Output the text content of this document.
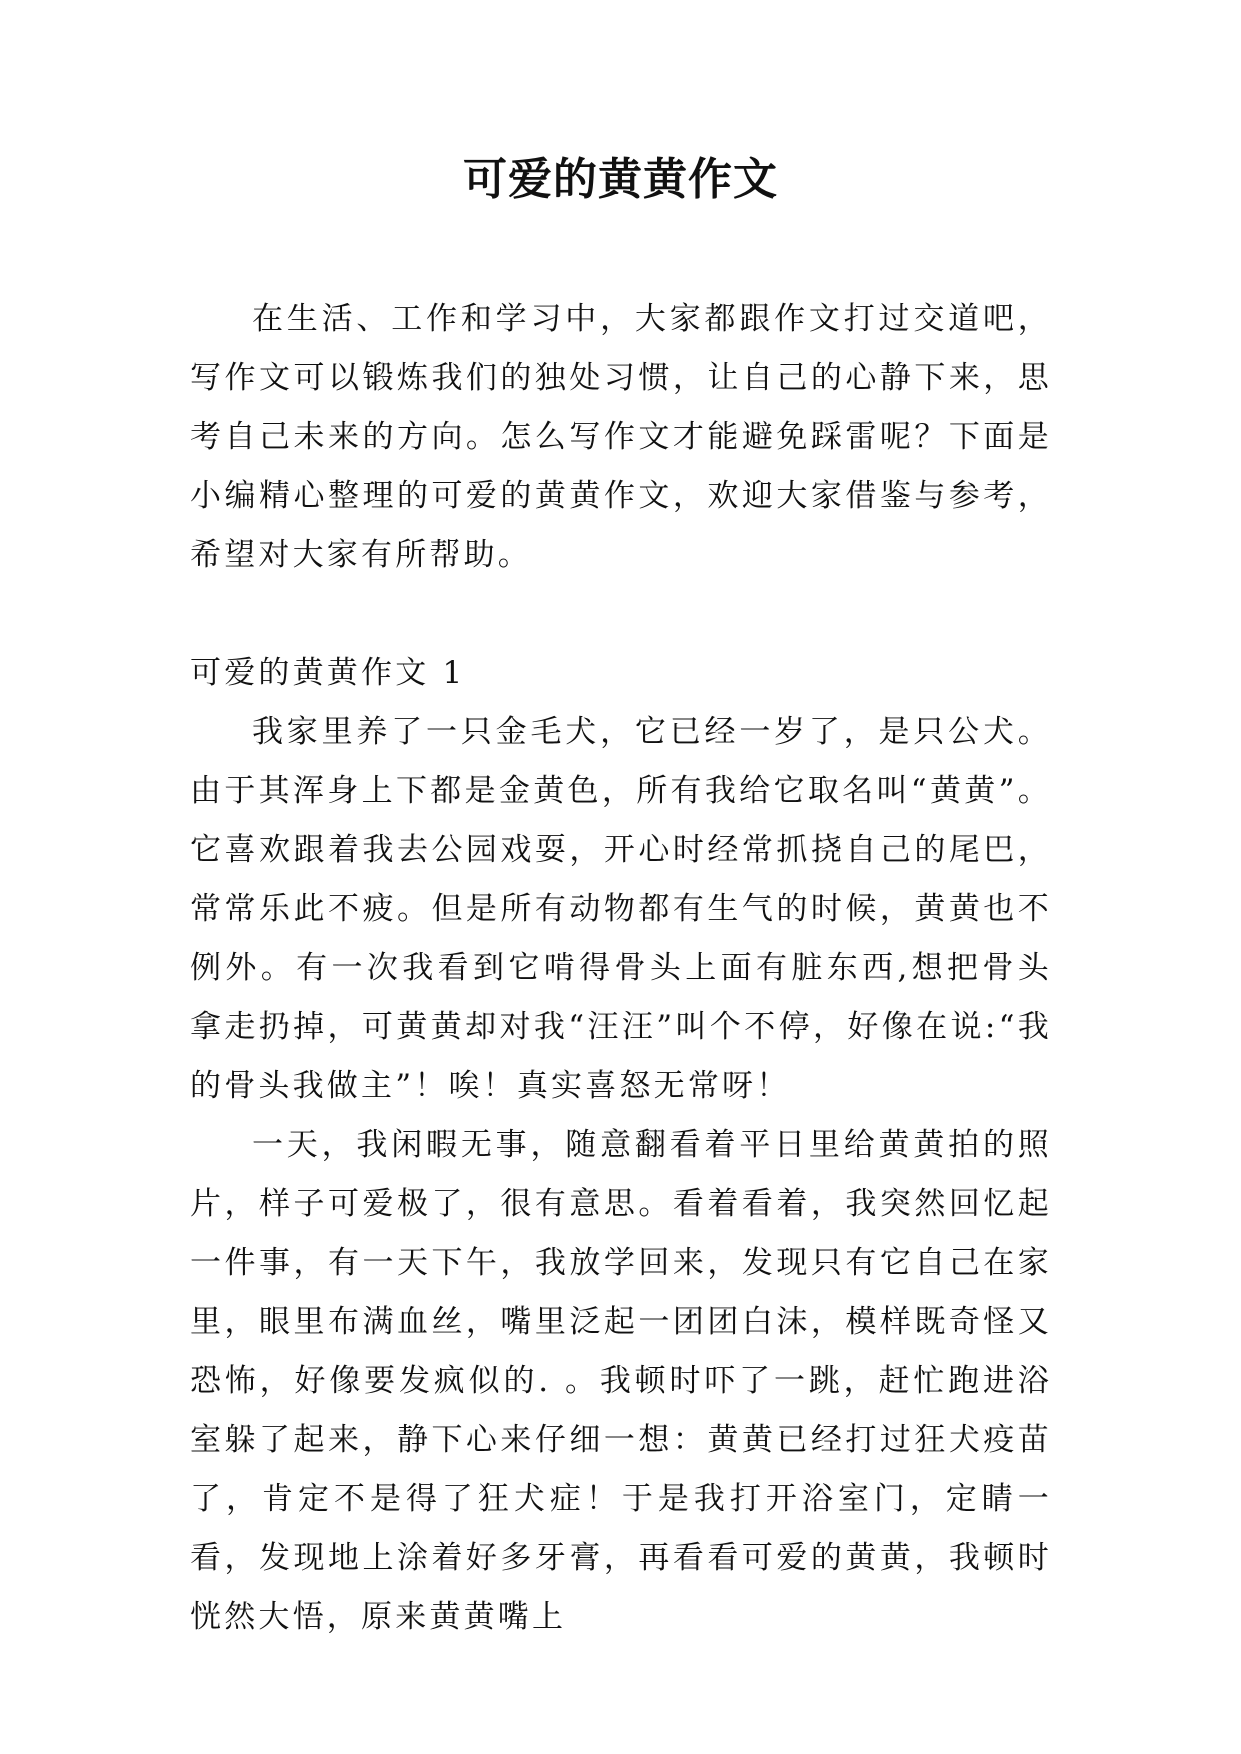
可爱的黄黄作文

在生活、工作和学习中，大家都跟作文打过交道吧，写作文可以锻炼我们的独处习惯，让自己的心静下来，思考自己未来的方向。怎么写作文才能避免踩雷呢？下面是小编精心整理的可爱的黄黄作文，欢迎大家借鉴与参考，希望对大家有所帮助。

可爱的黄黄作文 1

我家里养了一只金毛犬，它已经一岁了，是只公犬。由于其浑身上下都是金黄色，所有我给它取名叫“黄黄”。它喜欢跟着我去公园戏耍，开心时经常抓挠自己的尾巴，常常乐此不疲。但是所有动物都有生气的时候，黄黄也不例外。有一次我看到它啃得骨头上面有脏东西,想把骨头拿走扔掉，可黄黄却对我“汪汪”叫个不停，好像在说:“我的骨头我做主”！唉！真实喜怒无常呀！

一天，我闲暇无事，随意翻看着平日里给黄黄拍的照片，样子可爱极了，很有意思。看着看着，我突然回忆起一件事，有一天下午，我放学回来，发现只有它自己在家里，眼里布满血丝，嘴里泛起一团团白沫，模样既奇怪又恐怖，好像要发疯似的. 。我顿时吓了一跳，赶忙跑进浴室躲了起来，静下心来仔细一想：黄黄已经打过狂犬疫苗了，肯定不是得了狂犬症！于是我打开浴室门，定睛一看，发现地上涂着好多牙膏，再看看可爱的黄黄，我顿时恍然大悟，原来黄黄嘴上
